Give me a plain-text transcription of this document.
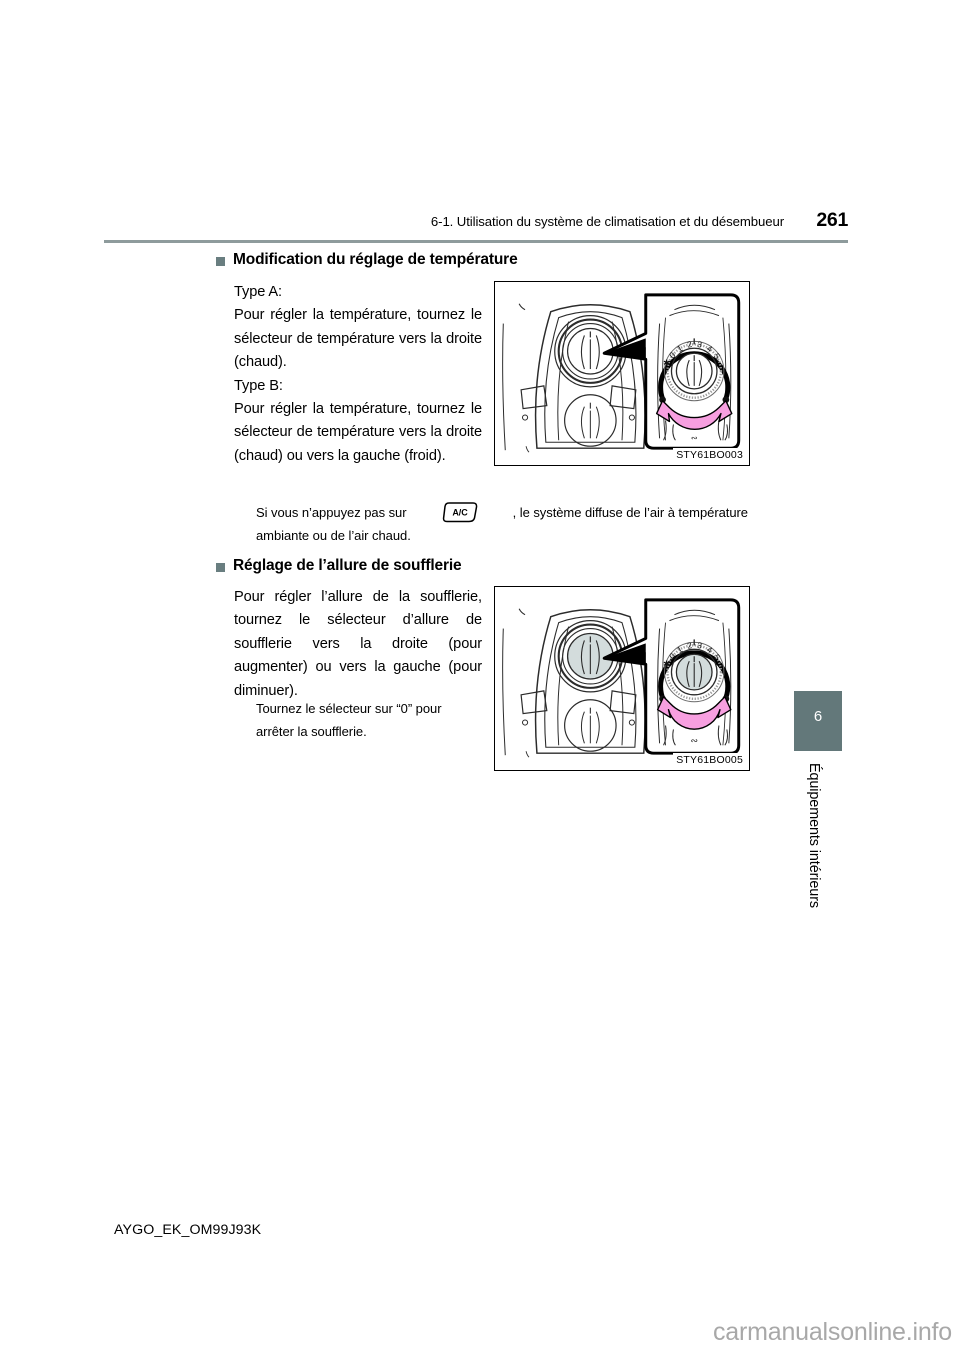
6-1. Utilisation du système de climatisation et du désembueur 261
Modification du réglage de température

Type A:

Pour régler la température, tournez le sélecteur de température vers la droite (chaud).

Type B:

Pour régler la température, tournez le sélecteur de température vers la droite (chaud) ou vers la gauche (froid).

✱
0
1 2 3 4
5
∾
STY61BO003
Si vous n’appuyez pas sur	A/C	, le système diffuse de l’air à température
ambiante ou de l’air chaud.
Réglage de l’allure de soufflerie

Pour régler l’allure de la soufflerie, tournez le sélecteur d’allure de soufflerie vers la droite (pour augmenter) ou vers la gauche (pour diminuer).

Tournez le sélecteur sur “0” pour

arrêter la soufflerie.

✱
0
1 2 3 4
5
∾
STY61BO005
6
Équipements intérieurs
AYGO_EK_OM99J93K
carmanualsonline.info
